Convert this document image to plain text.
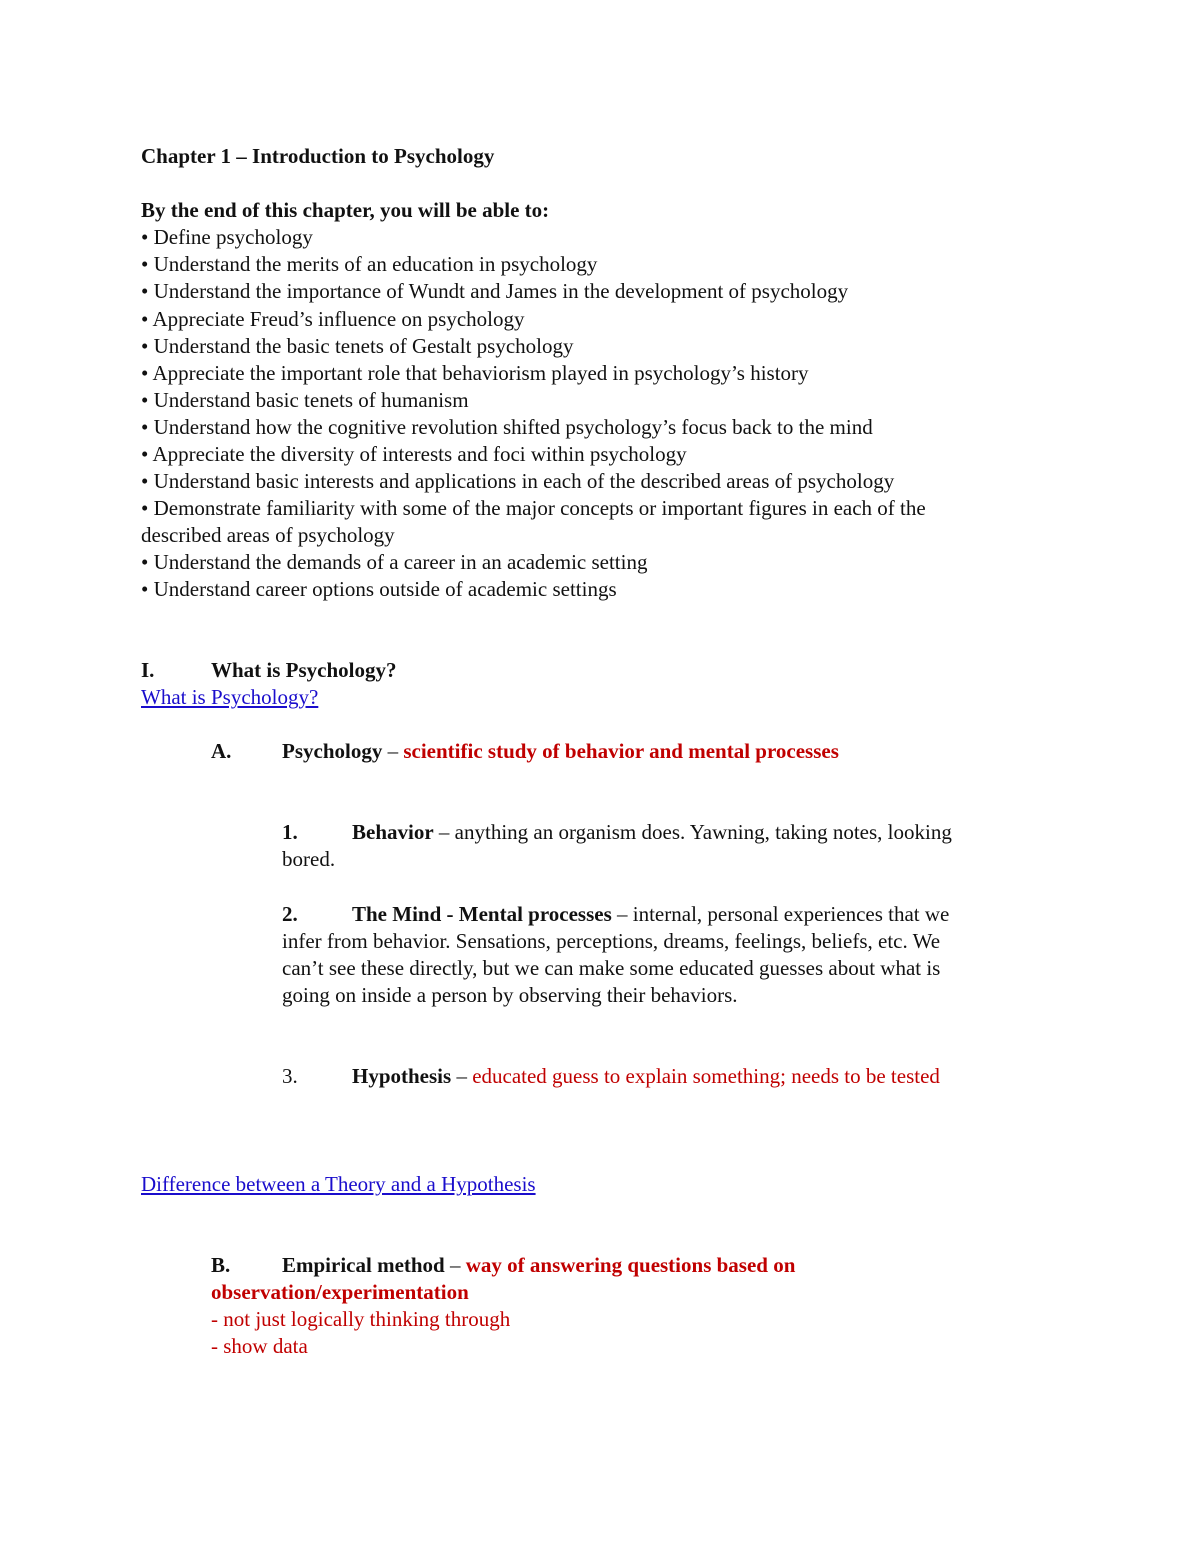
Chapter 1 – Introduction to Psychology
By the end of this chapter, you will be able to:
• Define psychology
• Understand the merits of an education in psychology
• Understand the importance of Wundt and James in the development of psychology
• Appreciate Freud’s influence on psychology
• Understand the basic tenets of Gestalt psychology
• Appreciate the important role that behaviorism played in psychology’s history
• Understand basic tenets of humanism
• Understand how the cognitive revolution shifted psychology’s focus back to the mind
• Appreciate the diversity of interests and foci within psychology
• Understand basic interests and applications in each of the described areas of psychology
• Demonstrate familiarity with some of the major concepts or important figures in each of the
described areas of psychology
• Understand the demands of a career in an academic setting
• Understand career options outside of academic settings
I.	What is Psychology?
What is Psychology?
A. Psychology – scientific study of behavior and mental processes
1.	Behavior – anything an organism does. Yawning, taking notes, looking
bored.
2.	The Mind - Mental processes – internal, personal experiences that we
infer from behavior. Sensations, perceptions, dreams, feelings, beliefs, etc. We
can’t see these directly, but we can make some educated guesses about what is
going on inside a person by observing their behaviors.
3.	Hypothesis – educated guess to explain something; needs to be tested
Difference between a Theory and a Hypothesis
B. Empirical method – way of answering questions based on
observation/experimentation
- not just logically thinking through
- show data
